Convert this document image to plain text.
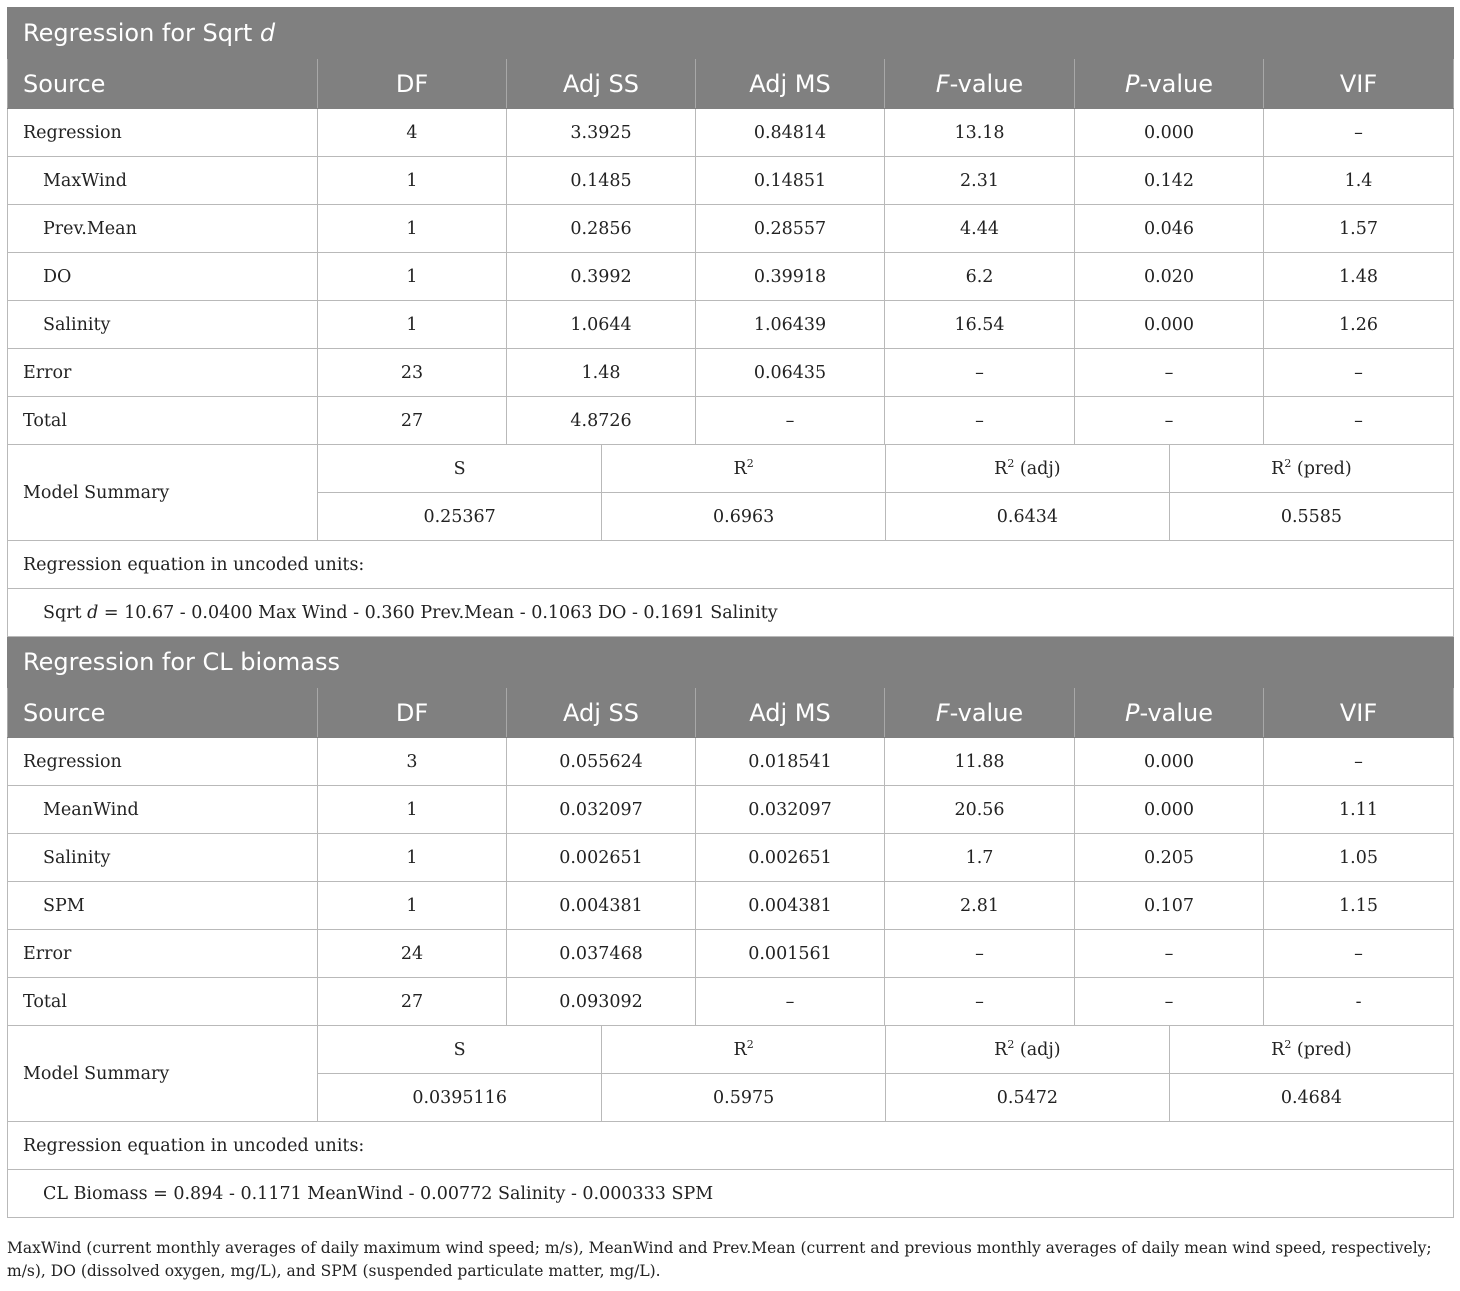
Regression for Sqrt d
Source	DF	Adj SS	Adj MS	F-value	P-value	VIF
Regression	4	3.3925	0.84814	13.18	0.000	–
MaxWind	1	0.1485	0.14851	2.31	0.142	1.4
Prev.Mean	1	0.2856	0.28557	4.44	0.046	1.57
DO	1	0.3992	0.39918	6.2	0.020	1.48
Salinity	1	1.0644	1.06439	16.54	0.000	1.26
Error	23	1.48	0.06435	–	–	–
Total	27	4.8726	–	–	–	–
Model Summary	
S	$R^2$	$R^2$ (adj)	$R^2$ (pred)
0.25367	0.6963	0.6434	0.5585

Regression equation in uncoded units:
Sqrt d = 10.67 - 0.0400 Max Wind - 0.360 Prev.Mean - 0.1063 DO - 0.1691 Salinity
Regression for CL biomass
Source	DF	Adj SS	Adj MS	F-value	P-value	VIF
Regression	3	0.055624	0.018541	11.88	0.000	–
MeanWind	1	0.032097	0.032097	20.56	0.000	1.11
Salinity	1	0.002651	0.002651	1.7	0.205	1.05
SPM	1	0.004381	0.004381	2.81	0.107	1.15
Error	24	0.037468	0.001561	–	–	–
Total	27	0.093092	–	–	–	-
Model Summary	
S	$R^2$	$R^2$ (adj)	$R^2$ (pred)
0.0395116	0.5975	0.5472	0.4684

Regression equation in uncoded units:
CL Biomass = 0.894 - 0.1171 MeanWind - 0.00772 Salinity - 0.000333 SPM
MaxWind (current monthly averages of daily maximum wind speed; m/s), MeanWind and Prev.Mean (current and previous monthly averages of daily mean wind speed, respectively; m/s), DO (dissolved oxygen, mg/L), and SPM (suspended particulate matter, mg/L).
